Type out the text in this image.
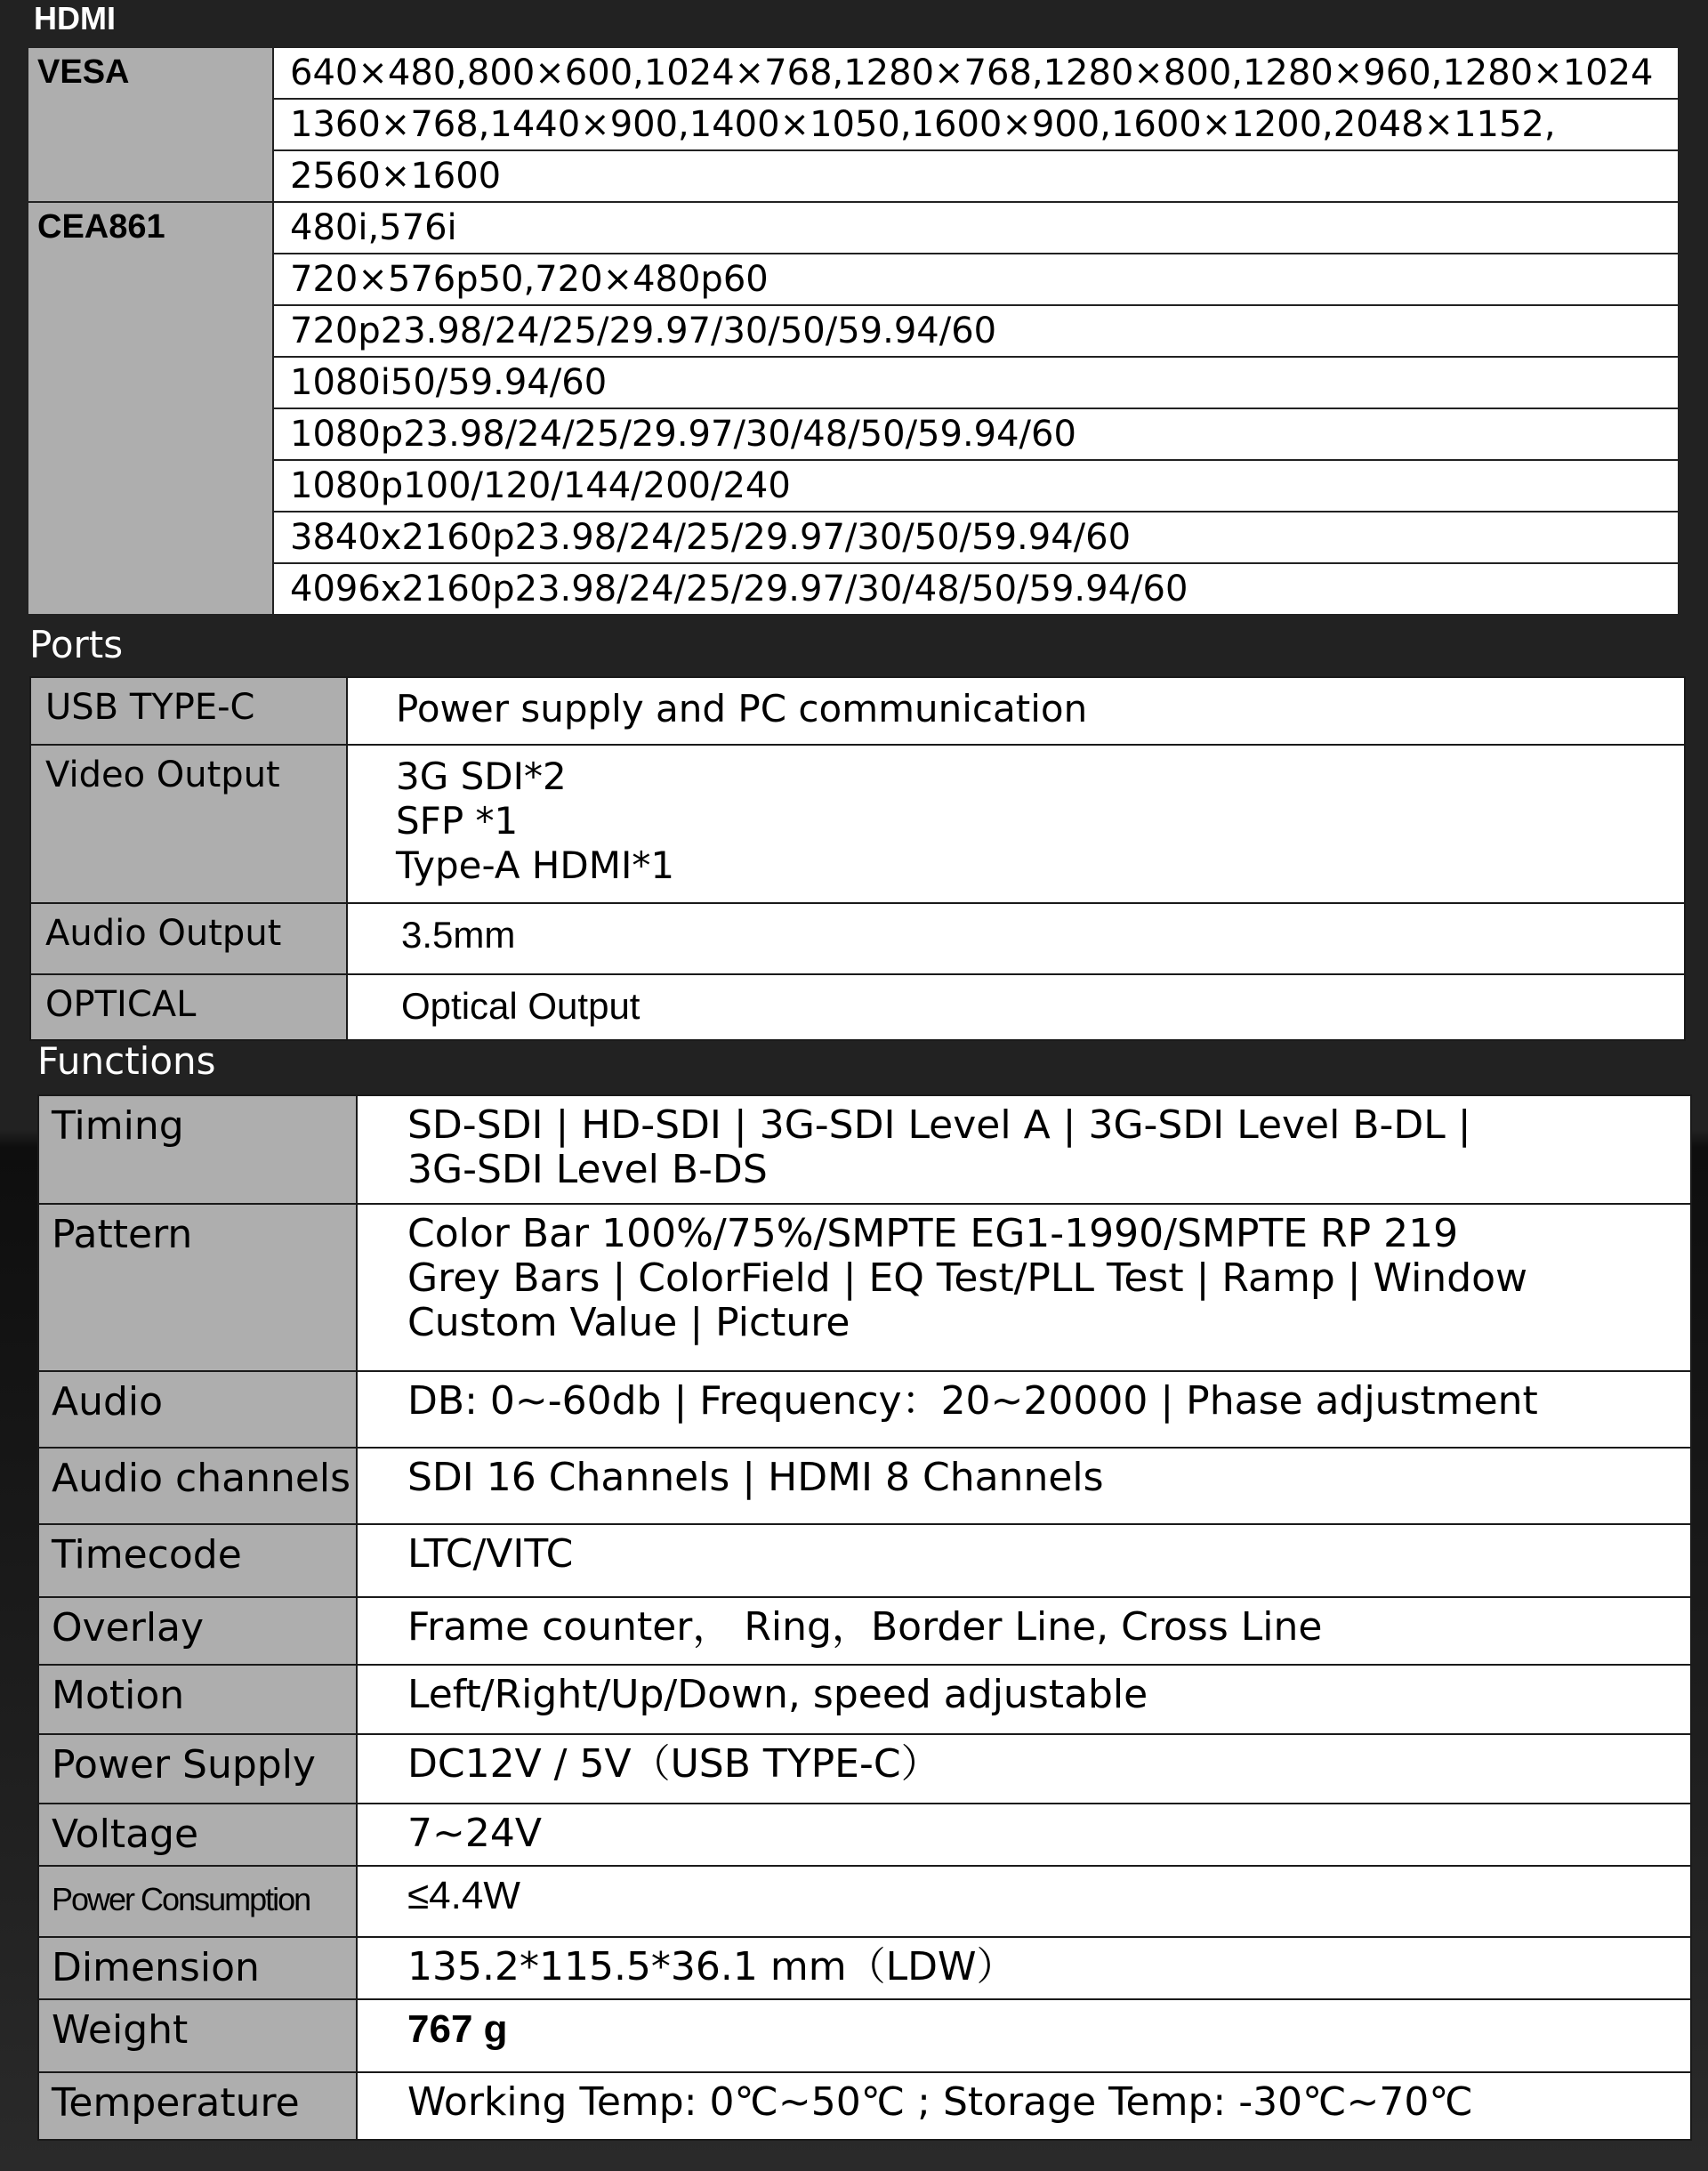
HDMI
VESA	640×480,800×600,1024×768,1280×768,1280×800,1280×960,1280×1024
	1360×768,1440×900,1400×1050,1600×900,1600×1200,2048×1152,
	2560×1600
CEA861	480i,576i
	720×576p50,720×480p60
	720p23.98/24/25/29.97/30/50/59.94/60
	1080i50/59.94/60
	1080p23.98/24/25/29.97/30/48/50/59.94/60
	1080p100/120/144/200/240
	3840x2160p23.98/24/25/29.97/30/50/59.94/60
	4096x2160p23.98/24/25/29.97/30/48/50/59.94/60
Ports
USB TYPE-C	Power supply and PC communication

Video Output	3G SDI*2
SFP *1
Type-A HDMI*1

Audio Output	3.5mm

OPTICAL	Optical Output
Functions
Timing	SD-SDI | HD-SDI | 3G-SDI Level A | 3G-SDI Level B-DL |
3G-SDI Level B-DS

Pattern	Color Bar 100%/75%/SMPTE EG1-1990/SMPTE RP 219
Grey Bars | ColorField | EQ Test/PLL Test | Ramp | Window
Custom Value | Picture

Audio	DB: 0~-60db | Frequency：20~20000 | Phase adjustment

Audio channels	SDI 16 Channels | HDMI 8 Channels

Timecode	LTC/VITC

Overlay	Frame counter， Ring，Border Line, Cross Line

Motion	Left/Right/Up/Down, speed adjustable

Power Supply	DC12V / 5V（USB TYPE-C）

Voltage	7~24V

Power Consumption	≤4.4W

Dimension	135.2*115.5*36.1 mm（LDW）

Weight	767 g

Temperature	Working Temp: 0℃~50℃ ; Storage Temp: -30℃~70℃
